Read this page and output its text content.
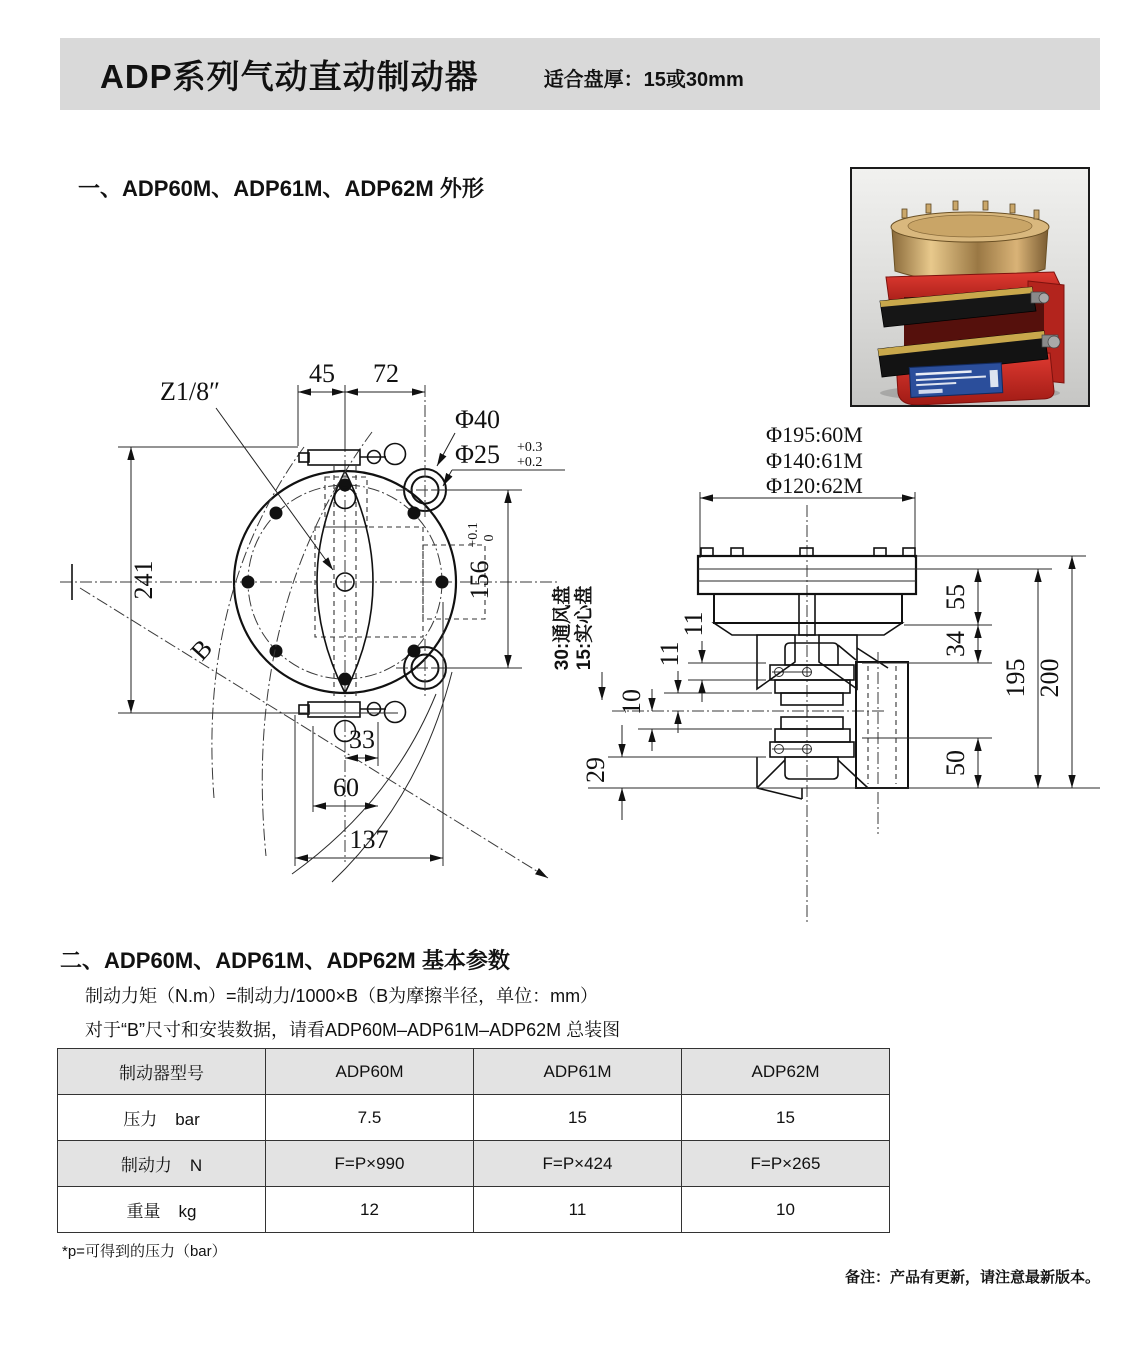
ADP系列气动直动制动器	适合盘厚：15或30mm
一、ADP60M、ADP61M、ADP62M 外形
Z1/8″
45 72
Φ40
Φ25 +0.3
+0.2
156
+0.1 0
241
B
33
60
137
Φ195:60M
Φ140:61M
Φ120:62M
30:通风盘 15:实心盘	11
11
10
29
55
34
50
195 200
二、ADP60M、ADP61M、ADP62M 基本参数
制动力矩（N.m）=制动力/1000×B（B为摩擦半径，单位：mm）
对于“B”尺寸和安装数据，请看ADP60M–ADP61M–ADP62M 总装图
制动器型号	ADP60M	ADP61M	ADP62M
压力 bar	7.5	15	15
制动力 N	F=P×990	F=P×424	F=P×265
重量 kg	12	11	10
*p=可得到的压力（bar）
备注：产品有更新，请注意最新版本。
